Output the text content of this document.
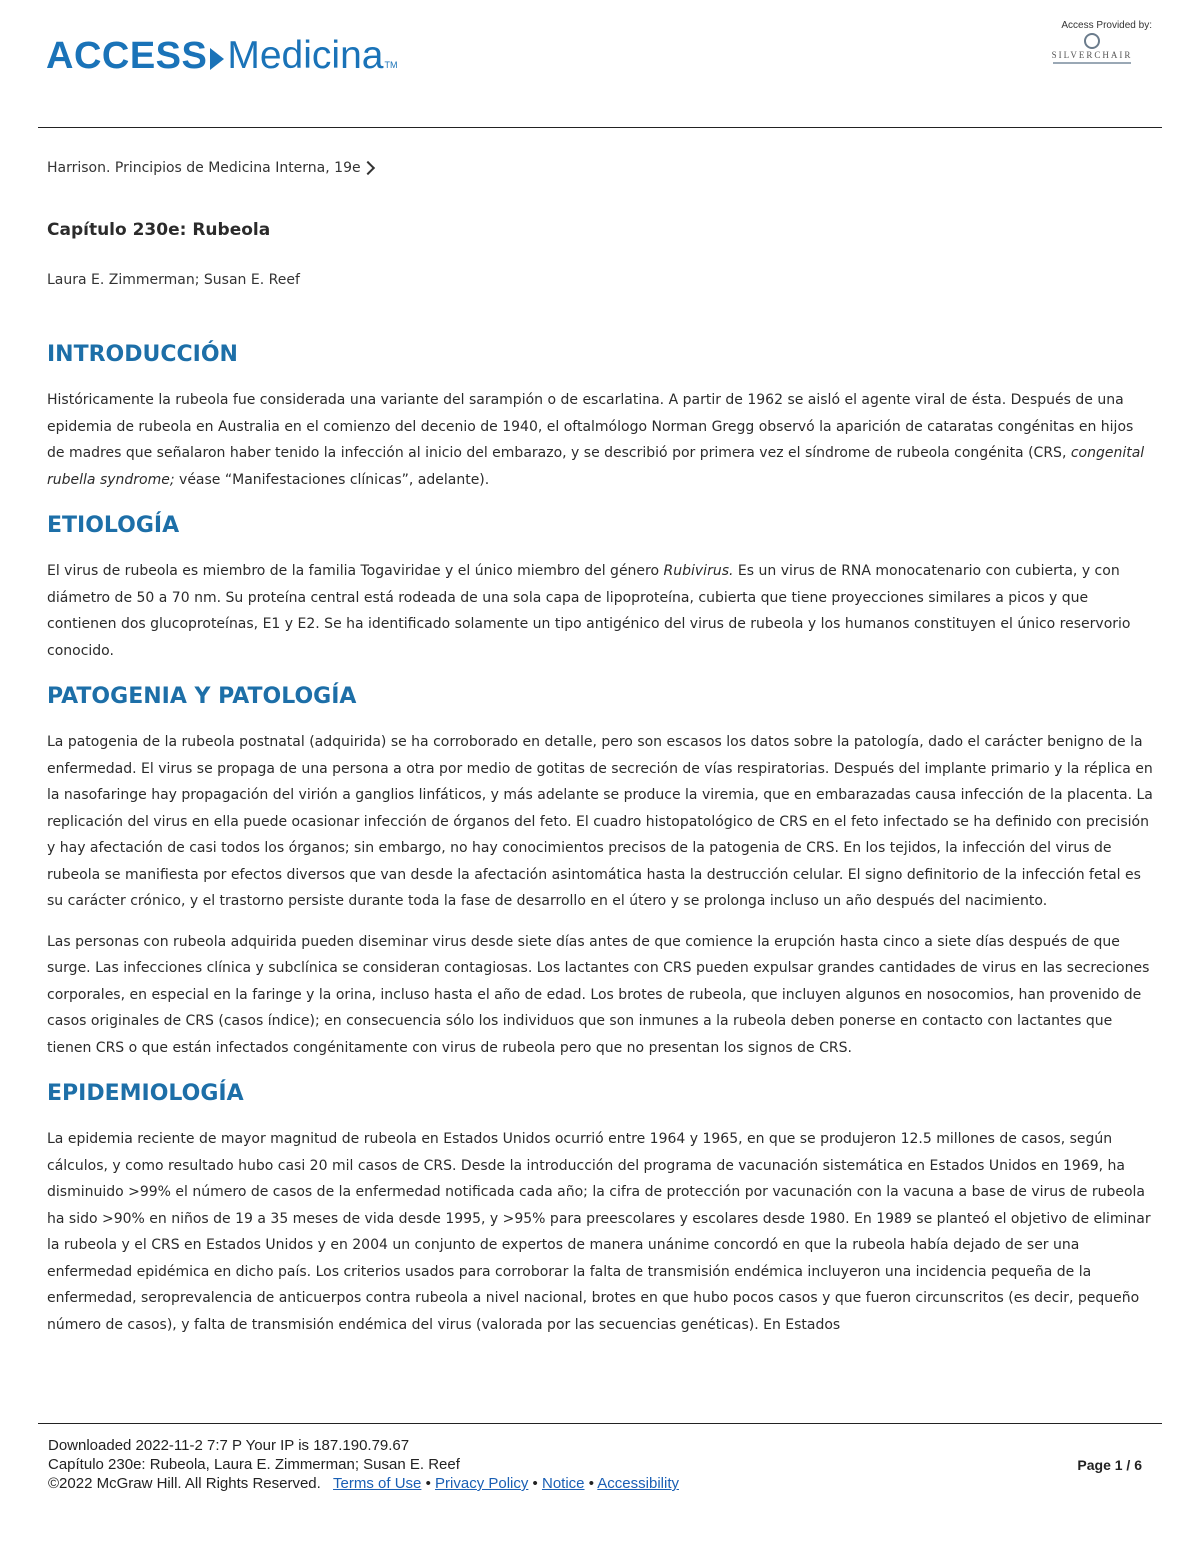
ACCESS Medicina TM
Access Provided by:
SILVERCHAIR
Harrison. Principios de Medicina Interna, 19e
Capítulo 230e: Rubeola
Laura E. Zimmerman; Susan E. Reef
INTRODUCCIÓN

Históricamente la rubeola fue considerada una variante del sarampión o de escarlatina. A partir de 1962 se aisló el agente viral de ésta. Después de una epidemia de rubeola en Australia en el comienzo del decenio de 1940, el oftalmólogo Norman Gregg observó la aparición de cataratas congénitas en hijos de madres que señalaron haber tenido la infección al inicio del embarazo, y se describió por primera vez el síndrome de rubeola congénita (CRS, congenital rubella syndrome; véase “Manifestaciones clínicas”, adelante).

ETIOLOGÍA

El virus de rubeola es miembro de la familia Togaviridae y el único miembro del género Rubivirus. Es un virus de RNA monocatenario con cubierta, y con diámetro de 50 a 70 nm. Su proteína central está rodeada de una sola capa de lipoproteína, cubierta que tiene proyecciones similares a picos y que contienen dos glucoproteínas, E1 y E2. Se ha identificado solamente un tipo antigénico del virus de rubeola y los humanos constituyen el único reservorio conocido.

PATOGENIA Y PATOLOGÍA

La patogenia de la rubeola postnatal (adquirida) se ha corroborado en detalle, pero son escasos los datos sobre la patología, dado el carácter benigno de la enfermedad. El virus se propaga de una persona a otra por medio de gotitas de secreción de vías respiratorias. Después del implante primario y la réplica en la nasofaringe hay propagación del virión a ganglios linfáticos, y más adelante se produce la viremia, que en embarazadas causa infección de la placenta. La replicación del virus en ella puede ocasionar infección de órganos del feto. El cuadro histopatológico de CRS en el feto infectado se ha definido con precisión y hay afectación de casi todos los órganos; sin embargo, no hay conocimientos precisos de la patogenia de CRS. En los tejidos, la infección del virus de rubeola se manifiesta por efectos diversos que van desde la afectación asintomática hasta la destrucción celular. El signo definitorio de la infección fetal es su carácter crónico, y el trastorno persiste durante toda la fase de desarrollo en el útero y se prolonga incluso un año después del nacimiento.

Las personas con rubeola adquirida pueden diseminar virus desde siete días antes de que comience la erupción hasta cinco a siete días después de que surge. Las infecciones clínica y subclínica se consideran contagiosas. Los lactantes con CRS pueden expulsar grandes cantidades de virus en las secreciones corporales, en especial en la faringe y la orina, incluso hasta el año de edad. Los brotes de rubeola, que incluyen algunos en nosocomios, han provenido de casos originales de CRS (casos índice); en consecuencia sólo los individuos que son inmunes a la rubeola deben ponerse en contacto con lactantes que tienen CRS o que están infectados congénitamente con virus de rubeola pero que no presentan los signos de CRS.

EPIDEMIOLOGÍA

La epidemia reciente de mayor magnitud de rubeola en Estados Unidos ocurrió entre 1964 y 1965, en que se produjeron 12.5 millones de casos, según cálculos, y como resultado hubo casi 20 mil casos de CRS. Desde la introducción del programa de vacunación sistemática en Estados Unidos en 1969, ha disminuido >99% el número de casos de la enfermedad notificada cada año; la cifra de protección por vacunación con la vacuna a base de virus de rubeola ha sido >90% en niños de 19 a 35 meses de vida desde 1995, y >95% para preescolares y escolares desde 1980. En 1989 se planteó el objetivo de eliminar la rubeola y el CRS en Estados Unidos y en 2004 un conjunto de expertos de manera unánime concordó en que la rubeola había dejado de ser una enfermedad epidémica en dicho país. Los criterios usados para corroborar la falta de transmisión endémica incluyeron una incidencia pequeña de la enfermedad, seroprevalencia de anticuerpos contra rubeola a nivel nacional, brotes en que hubo pocos casos y que fueron circunscritos (es decir, pequeño número de casos), y falta de transmisión endémica del virus (valorada por las secuencias genéticas). En Estados

Downloaded 2022-11-2 7:7 P Your IP is 187.190.79.67
Capítulo 230e: Rubeola, Laura E. Zimmerman; Susan E. Reef
©2022 McGraw Hill. All Rights Reserved. Terms of Use • Privacy Policy • Notice • Accessibility
Page 1 / 6
